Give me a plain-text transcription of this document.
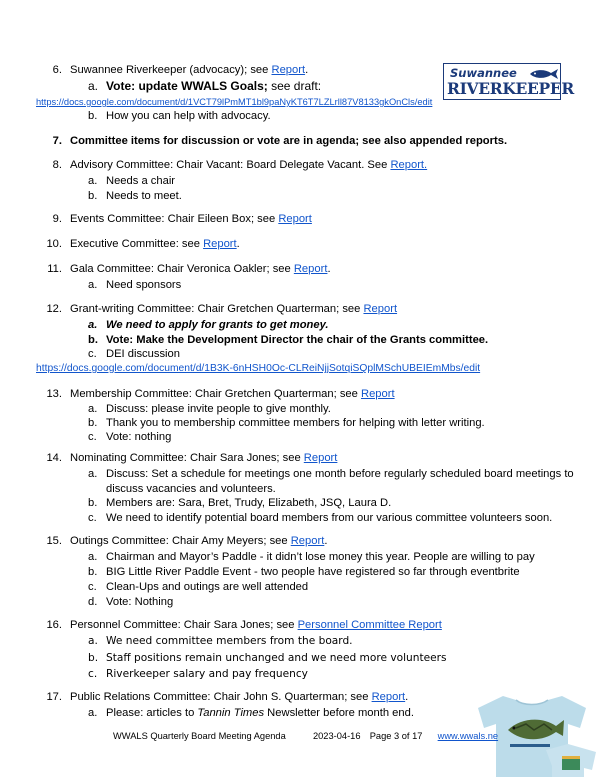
Suwannee
RIVERKEEPER
6. Suwannee Riverkeeper (advocacy); see Report.
a. Vote: update WWALS Goals; see draft:
https://docs.google.com/document/d/1VCT79lPmMT1bl9paNyKT6T7LZLrll87V8133gkOnCls/edit
b. How you can help with advocacy.
7. Committee items for discussion or vote are in agenda; see also appended reports.
8. Advisory Committee: Chair Vacant: Board Delegate Vacant. See Report.
a. Needs a chair
b. Needs to meet.
9. Events Committee: Chair Eileen Box; see Report
10. Executive Committee: see Report.
11. Gala Committee: Chair Veronica Oakler; see Report.
a. Need sponsors
12. Grant-writing Committee: Chair Gretchen Quarterman; see Report
a. We need to apply for grants to get money.
b. Vote: Make the Development Director the chair of the Grants committee.
c. DEI discussion
https://docs.google.com/document/d/1B3K-6nHSH0Oc-CLReiNjjSotqiSQplMSchUBEIEmMbs/edit
13. Membership Committee: Chair Gretchen Quarterman; see Report
a. Discuss: please invite people to give monthly.
b. Thank you to membership committee members for helping with letter writing.
c. Vote: nothing
14. Nominating Committee: Chair Sara Jones; see Report
a. Discuss: Set a schedule for meetings one month before regularly scheduled board meetings to
discuss vacancies and volunteers.
b. Members are: Sara, Bret, Trudy, Elizabeth, JSQ, Laura D.
c. We need to identify potential board members from our various committee volunteers soon.
15. Outings Committee: Chair Amy Meyers; see Report.
a. Chairman and Mayor’s Paddle - it didn’t lose money this year. People are willing to pay
b. BIG Little River Paddle Event - two people have registered so far through eventbrite
c. Clean-Ups and outings are well attended
d. Vote: Nothing
16. Personnel Committee: Chair Sara Jones; see Personnel Committee Report
a. We need committee members from the board.
b. Staff positions remain unchanged and we need more volunteers
c. Riverkeeper salary and pay frequency
17. Public Relations Committee: Chair John S. Quarterman; see Report.
a. Please: articles to Tannin Times Newsletter before month end.
WWALS Quarterly Board Meeting Agenda	2023-04-16 Page 3 of 17 www.wwals.ne
